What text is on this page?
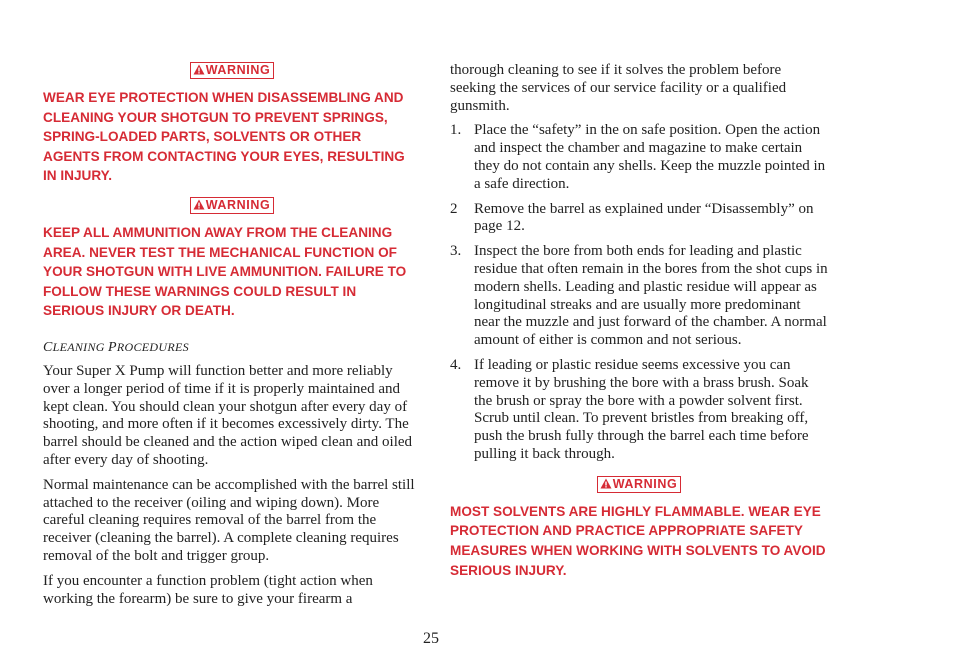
WARNING

WEAR EYE PROTECTION WHEN DISASSEMBLING AND CLEANING YOUR SHOTGUN TO PREVENT SPRINGS, SPRING-LOADED PARTS, SOLVENTS OR OTHER AGENTS FROM CONTACTING YOUR EYES, RESULTING IN INJURY.

WARNING

KEEP ALL AMMUNITION AWAY FROM THE CLEANING AREA. NEVER TEST THE MECHANICAL FUNCTION OF YOUR SHOTGUN WITH LIVE AMMUNITION. FAILURE TO FOLLOW THESE WARNINGS COULD RESULT IN SERIOUS INJURY OR DEATH.

CLEANING PROCEDURES

Your Super X Pump will function better and more reliably over a longer period of time if it is properly maintained and kept clean. You should clean your shotgun after every day of shooting, and more often if it becomes excessively dirty. The barrel should be cleaned and the action wiped clean and oiled after every day of shooting.

Normal maintenance can be accomplished with the barrel still attached to the receiver (oiling and wiping down). More careful cleaning requires removal of the barrel from the receiver (cleaning the barrel). A complete cleaning requires removal of the bolt and trigger group.

If you encounter a function problem (tight action when working the forearm) be sure to give your firearm a

thorough cleaning to see if it solves the problem before seeking the services of our service facility or a qualified gunsmith.

1. Place the “safety” in the on safe position. Open the action and inspect the chamber and magazine to make certain they do not contain any shells. Keep the muzzle pointed in a safe direction.
2 Remove the barrel as explained under “Disassembly” on page 12.
3. Inspect the bore from both ends for leading and plastic residue that often remain in the bores from the shot cups in modern shells. Leading and plastic residue will appear as longitudinal streaks and are usually more predominant near the muzzle and just forward of the chamber. A normal amount of either is common and not serious.
4. If leading or plastic residue seems excessive you can remove it by brushing the bore with a brass brush. Soak the brush or spray the bore with a powder solvent first. Scrub until clean. To prevent bristles from breaking off, push the brush fully through the barrel each time before pulling it back through.
WARNING

MOST SOLVENTS ARE HIGHLY FLAMMABLE. WEAR EYE PROTECTION AND PRACTICE APPROPRIATE SAFETY MEASURES WHEN WORKING WITH SOLVENTS TO AVOID SERIOUS INJURY.

25
